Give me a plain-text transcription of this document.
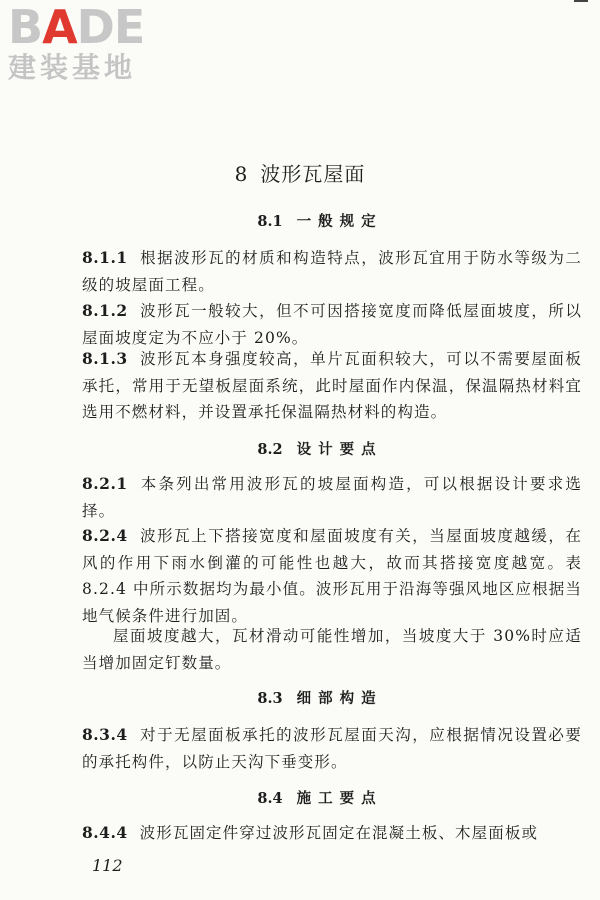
BADE
建装基地
8 波形瓦屋面
8.1 一般规定
8.1.1 根据波形瓦的材质和构造特点，波形瓦宜用于防水等级为二级的坡屋面工程。
8.1.2 波形瓦一般较大，但不可因搭接宽度而降低屋面坡度，所以屋面坡度定为不应小于 20%。
8.1.3 波形瓦本身强度较高，单片瓦面积较大，可以不需要屋面板承托，常用于无望板屋面系统，此时屋面作内保温，保温隔热材料宜选用不燃材料，并设置承托保温隔热材料的构造。
8.2 设计要点
8.2.1 本条列出常用波形瓦的坡屋面构造，可以根据设计要求选择。
8.2.4 波形瓦上下搭接宽度和屋面坡度有关，当屋面坡度越缓，在风的作用下雨水倒灌的可能性也越大，故而其搭接宽度越宽。表 8.2.4 中所示数据均为最小值。波形瓦用于沿海等强风地区应根据当地气候条件进行加固。
屋面坡度越大，瓦材滑动可能性增加，当坡度大于 30%时应适当增加固定钉数量。
8.3 细部构造
8.3.4 对于无屋面板承托的波形瓦屋面天沟，应根据情况设置必要的承托构件，以防止天沟下垂变形。
8.4 施工要点
8.4.4 波形瓦固定件穿过波形瓦固定在混凝土板、木屋面板或
112
